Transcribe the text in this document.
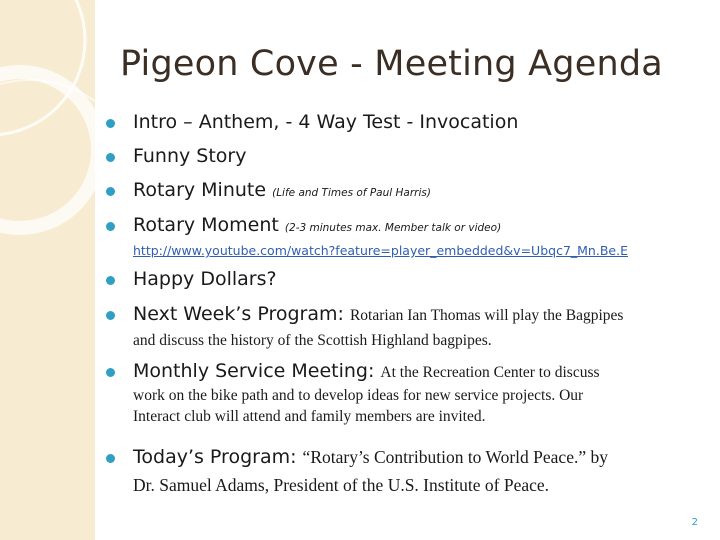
Pigeon Cove - Meeting Agenda
Intro – Anthem, - 4 Way Test - Invocation
Funny Story
Rotary Minute (Life and Times of Paul Harris)
Rotary Moment (2-3 minutes max. Member talk or video)
http://www.youtube.com/watch?feature=player_embedded&v=Ubqc7_Mn.Be.E
Happy Dollars?
Next Week’s Program: Rotarian Ian Thomas will play the Bagpipes
and discuss the history of the Scottish Highland bagpipes.
Monthly Service Meeting: At the Recreation Center to discuss
work on the bike path and to develop ideas for new service projects. Our
Interact club will attend and family members are invited.
Today’s Program: “Rotary’s Contribution to World Peace.” by
Dr. Samuel Adams, President of the U.S. Institute of Peace.
2
